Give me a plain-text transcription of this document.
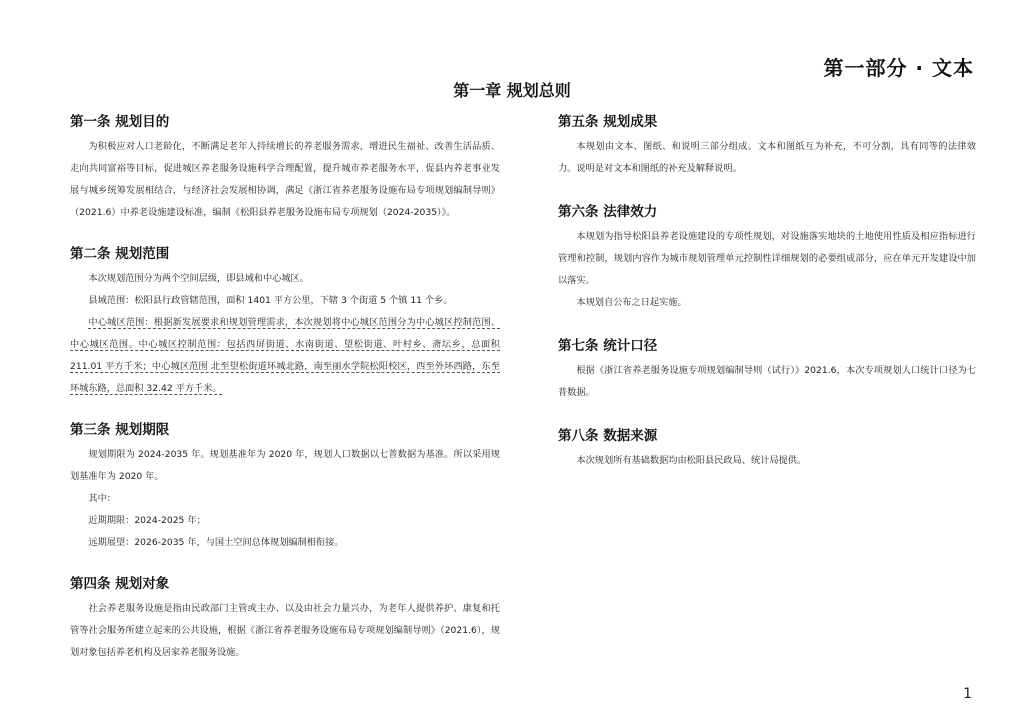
第一部分 · 文本
第一章 规划总则
第一条 规划目的

为积极应对人口老龄化，不断满足老年人持续增长的养老服务需求，增进民生福祉、改善生活品质、走向共同富裕等目标，促进城区养老服务设施科学合理配置，提升城市养老服务水平，促县内养老事业发展与城乡统筹发展相结合，与经济社会发展相协调，满足《浙江省养老服务设施布局专项规划编制导则》（2021.6）中养老设施建设标准，编制《松阳县养老服务设施布局专项规划（2024-2035）》。

第二条 规划范围

本次规划范围分为两个空间层级，即县域和中心城区。

县域范围：松阳县行政管辖范围，面积 1401 平方公里，下辖 3 个街道 5 个镇 11 个乡。

中心城区范围：根据新发展要求和规划管理需求，本次规划将中心城区范围分为中心城区控制范围、中心城区范围。中心城区控制范围：包括西屏街道、水南街道、望松街道、叶村乡、斋坛乡，总面积 211.01 平方千米；中心城区范围 北至望松街道环城北路，南至丽水学院松阳校区，西至外环西路，东至环城东路，总面积 32.42 平方千米。

第三条 规划期限

规划期限为 2024-2035 年。规划基准年为 2020 年，规划人口数据以七普数据为基准。所以采用规划基准年为 2020 年。

其中：

近期期限：2024-2025 年；

远期展望：2026-2035 年，与国土空间总体规划编制相衔接。

第四条 规划对象

社会养老服务设施是指由民政部门主管或主办、以及由社会力量兴办，为老年人提供养护、康复和托管等社会服务所建立起来的公共设施，根据《浙江省养老服务设施布局专项规划编制导则》（2021.6），规划对象包括养老机构及居家养老服务设施。

第五条 规划成果

本规划由文本、图纸、和说明三部分组成。文本和图纸互为补充，不可分割，具有同等的法律效力。说明是对文本和图纸的补充及解释说明。

第六条 法律效力

本规划为指导松阳县养老设施建设的专项性规划，对设施落实地块的土地使用性质及相应指标进行管理和控制，规划内容作为城市规划管理单元控制性详细规划的必要组成部分，应在单元开发建设中加以落实。

本规划自公布之日起实施。

第七条 统计口径

根据《浙江省养老服务设施专项规划编制导则（试行）》2021.6，本次专项规划人口统计口径为七普数据。

第八条 数据来源

本次规划所有基础数据均由松阳县民政局、统计局提供。

1
